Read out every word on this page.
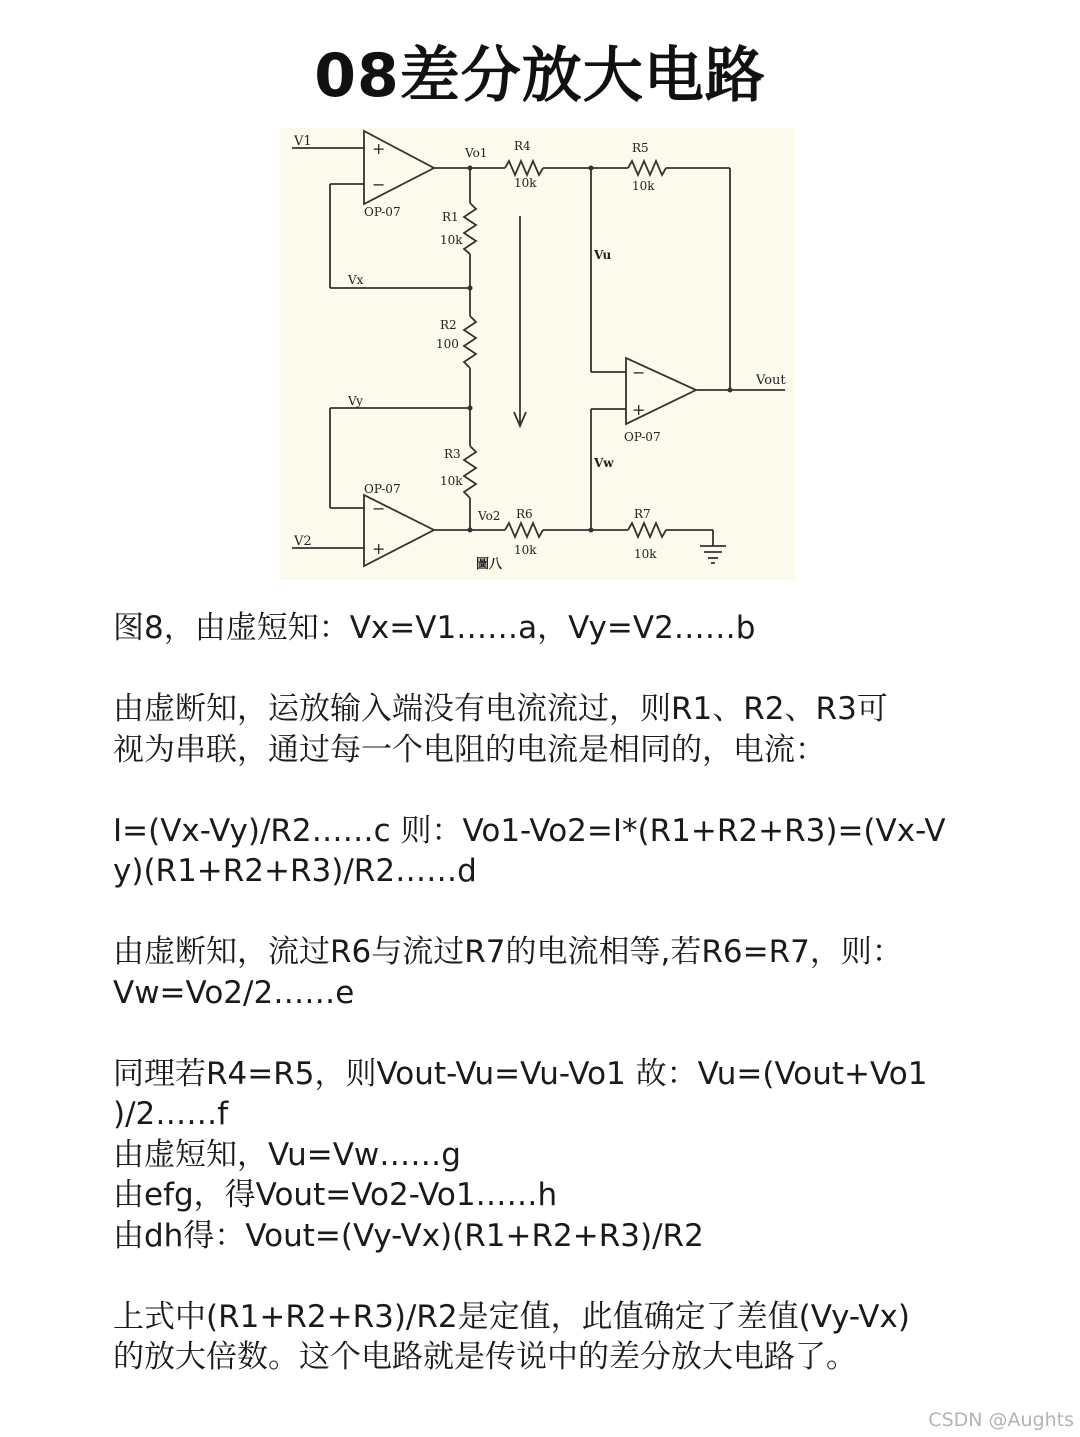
08差分放大电路
+
−
−
+
−
+
V1
V2
Vx
Vy
Vo1
Vo2
Vu
Vw
Vout
OP-07
OP-07
OP-07
R1
10k
R2
100
R3
10k
R4
10k
R5
10k
R6
10k
R7
10k
圖八

图8，由虚短知：Vx=V1……a，Vy=V2……b

由虚断知，运放输入端没有电流流过，则R1、R2、R3可

视为串联，通过每一个电阻的电流是相同的，电流：

I=(Vx-Vy)/R2……c 则：Vo1-Vo2=I*(R1+R2+R3)=(Vx-V

y)(R1+R2+R3)/R2……d

由虚断知，流过R6与流过R7的电流相等,若R6=R7，则：

Vw=Vo2/2……e

同理若R4=R5，则Vout-Vu=Vu-Vo1 故：Vu=(Vout+Vo1

)/2……f

由虚短知，Vu=Vw……g

由efg，得Vout=Vo2-Vo1……h

由dh得：Vout=(Vy-Vx)(R1+R2+R3)/R2

上式中(R1+R2+R3)/R2是定值，此值确定了差值(Vy-Vx)

的放大倍数。这个电路就是传说中的差分放大电路了。

CSDN @Aughts
